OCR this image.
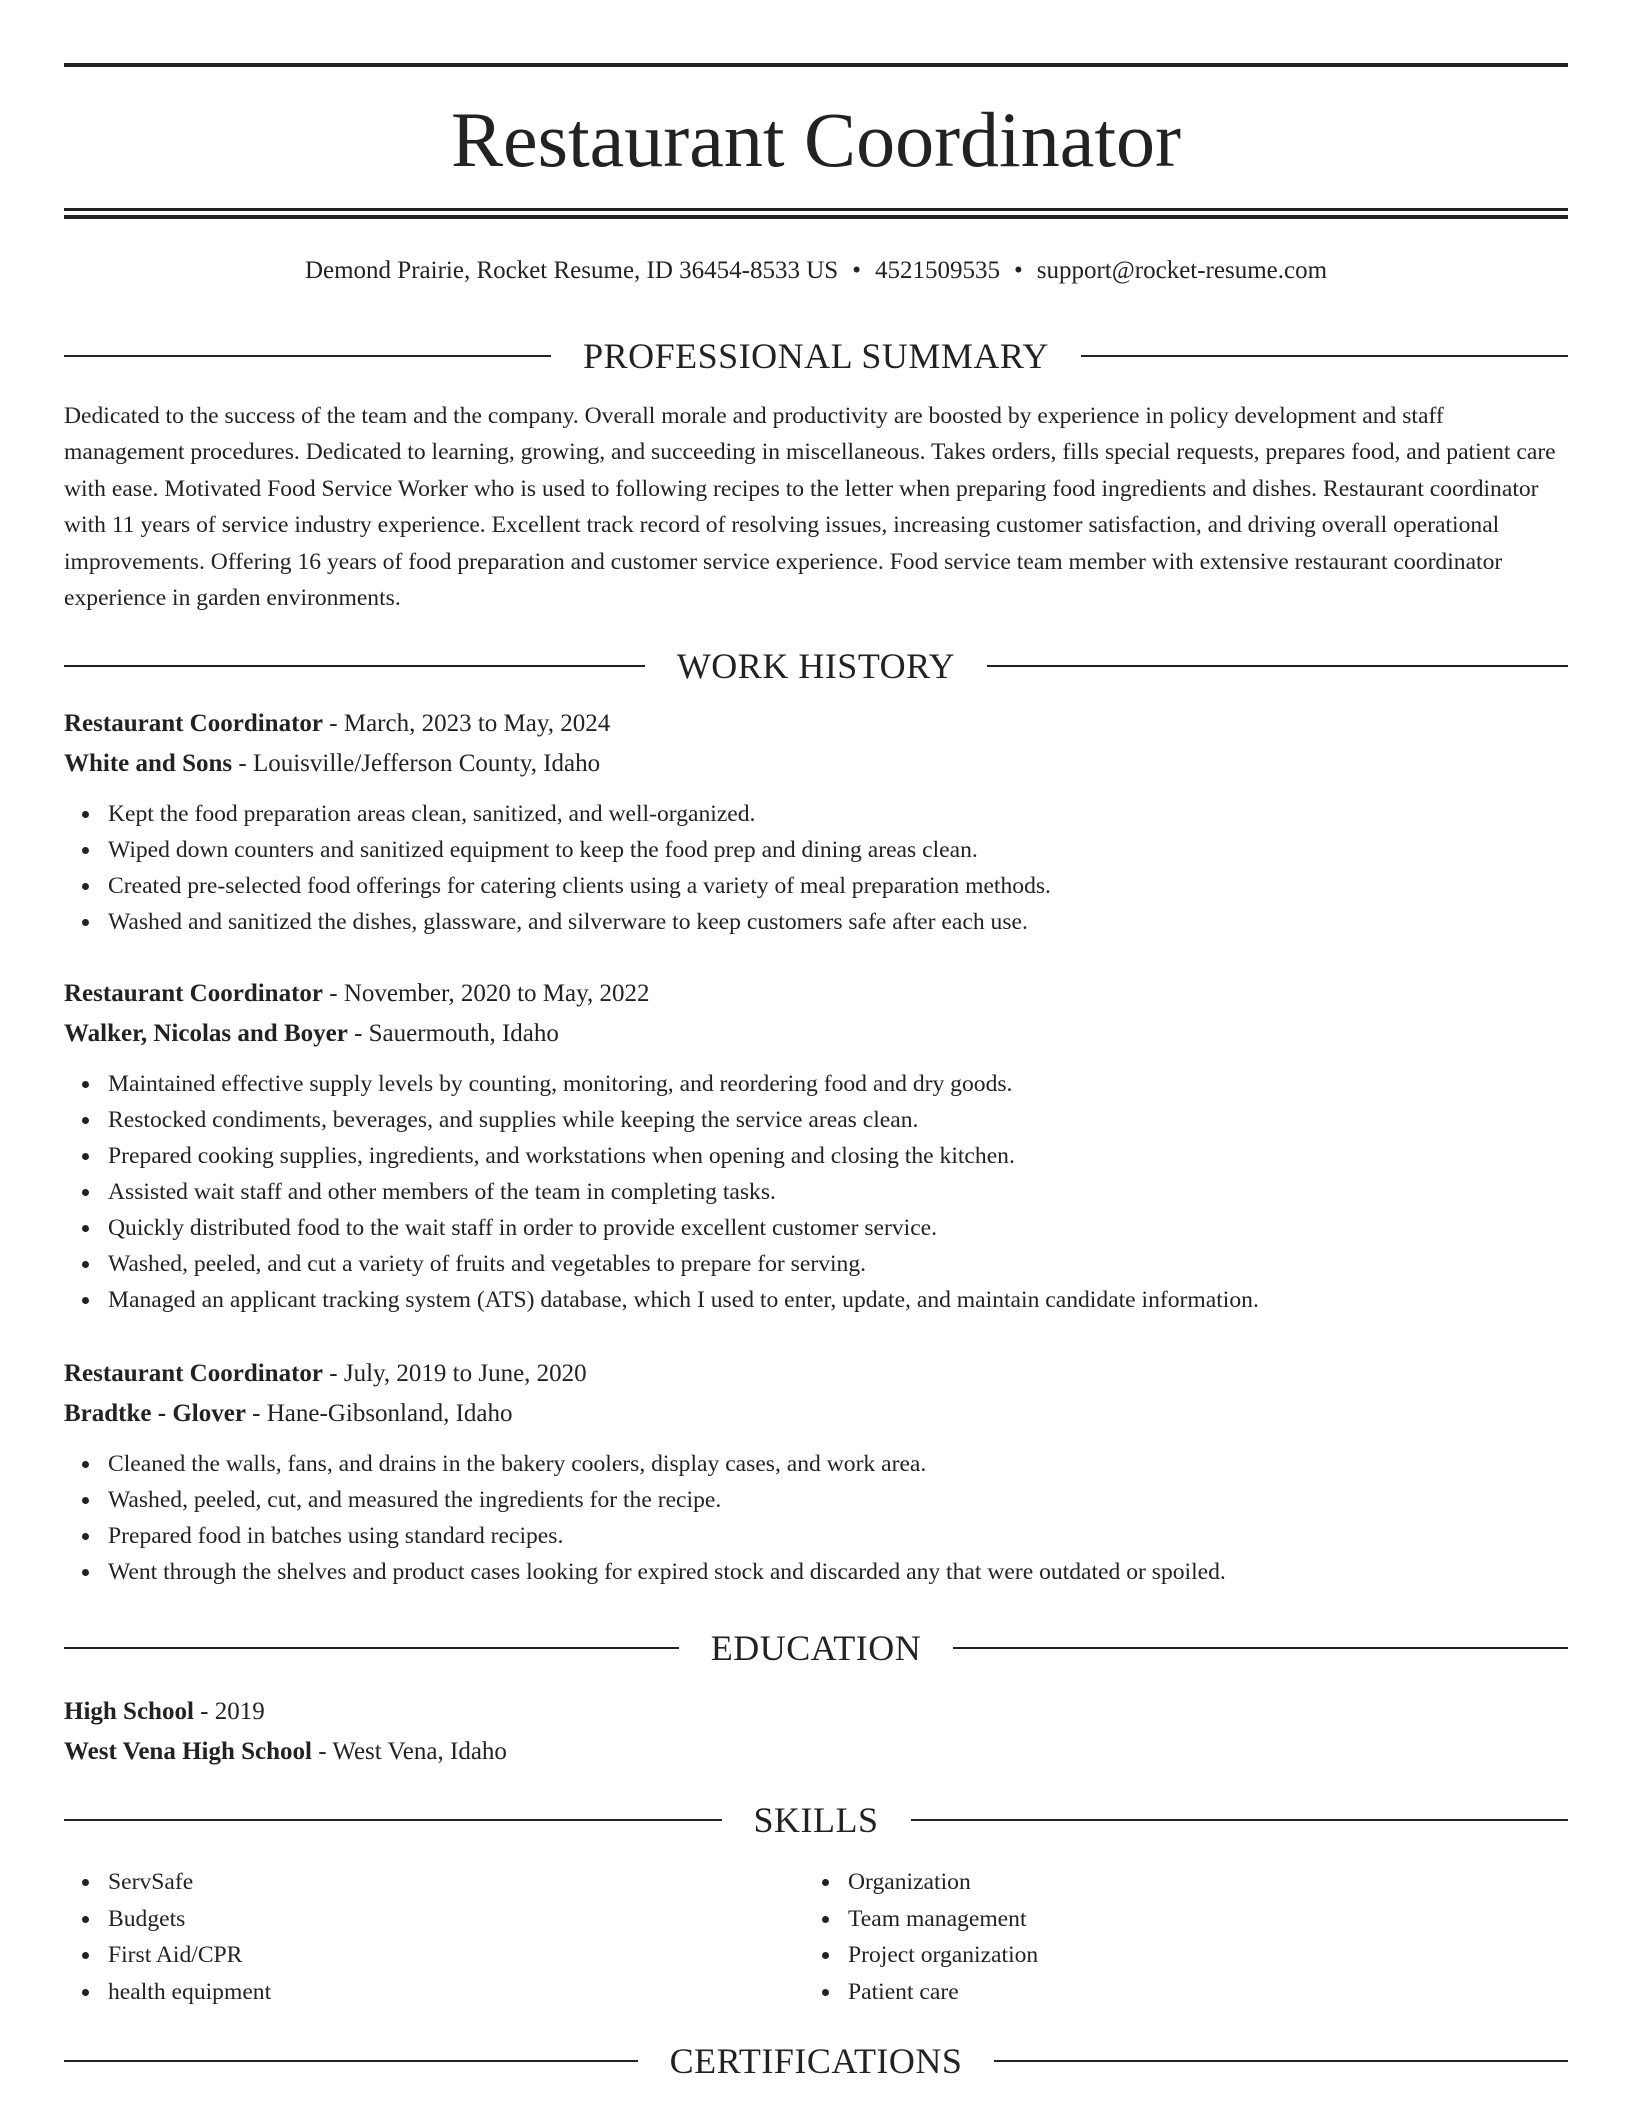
Restaurant Coordinator
Demond Prairie, Rocket Resume, ID 36454-8533 US • 4521509535 • support@rocket-resume.com
PROFESSIONAL SUMMARY
Dedicated to the success of the team and the company. Overall morale and productivity are boosted by experience in policy development and staff management procedures. Dedicated to learning, growing, and succeeding in miscellaneous. Takes orders, fills special requests, prepares food, and patient care with ease. Motivated Food Service Worker who is used to following recipes to the letter when preparing food ingredients and dishes. Restaurant coordinator with 11 years of service industry experience. Excellent track record of resolving issues, increasing customer satisfaction, and driving overall operational improvements. Offering 16 years of food preparation and customer service experience. Food service team member with extensive restaurant coordinator experience in garden environments.
WORK HISTORY
Restaurant Coordinator - March, 2023 to May, 2024
White and Sons - Louisville/Jefferson County, Idaho
Kept the food preparation areas clean, sanitized, and well-organized.
Wiped down counters and sanitized equipment to keep the food prep and dining areas clean.
Created pre-selected food offerings for catering clients using a variety of meal preparation methods.
Washed and sanitized the dishes, glassware, and silverware to keep customers safe after each use.
Restaurant Coordinator - November, 2020 to May, 2022
Walker, Nicolas and Boyer - Sauermouth, Idaho
Maintained effective supply levels by counting, monitoring, and reordering food and dry goods.
Restocked condiments, beverages, and supplies while keeping the service areas clean.
Prepared cooking supplies, ingredients, and workstations when opening and closing the kitchen.
Assisted wait staff and other members of the team in completing tasks.
Quickly distributed food to the wait staff in order to provide excellent customer service.
Washed, peeled, and cut a variety of fruits and vegetables to prepare for serving.
Managed an applicant tracking system (ATS) database, which I used to enter, update, and maintain candidate information.
Restaurant Coordinator - July, 2019 to June, 2020
Bradtke - Glover - Hane-Gibsonland, Idaho
Cleaned the walls, fans, and drains in the bakery coolers, display cases, and work area.
Washed, peeled, cut, and measured the ingredients for the recipe.
Prepared food in batches using standard recipes.
Went through the shelves and product cases looking for expired stock and discarded any that were outdated or spoiled.
EDUCATION
High School - 2019
West Vena High School - West Vena, Idaho
SKILLS
ServSafe
Budgets
First Aid/CPR
health equipment
Organization
Team management
Project organization
Patient care
CERTIFICATIONS
